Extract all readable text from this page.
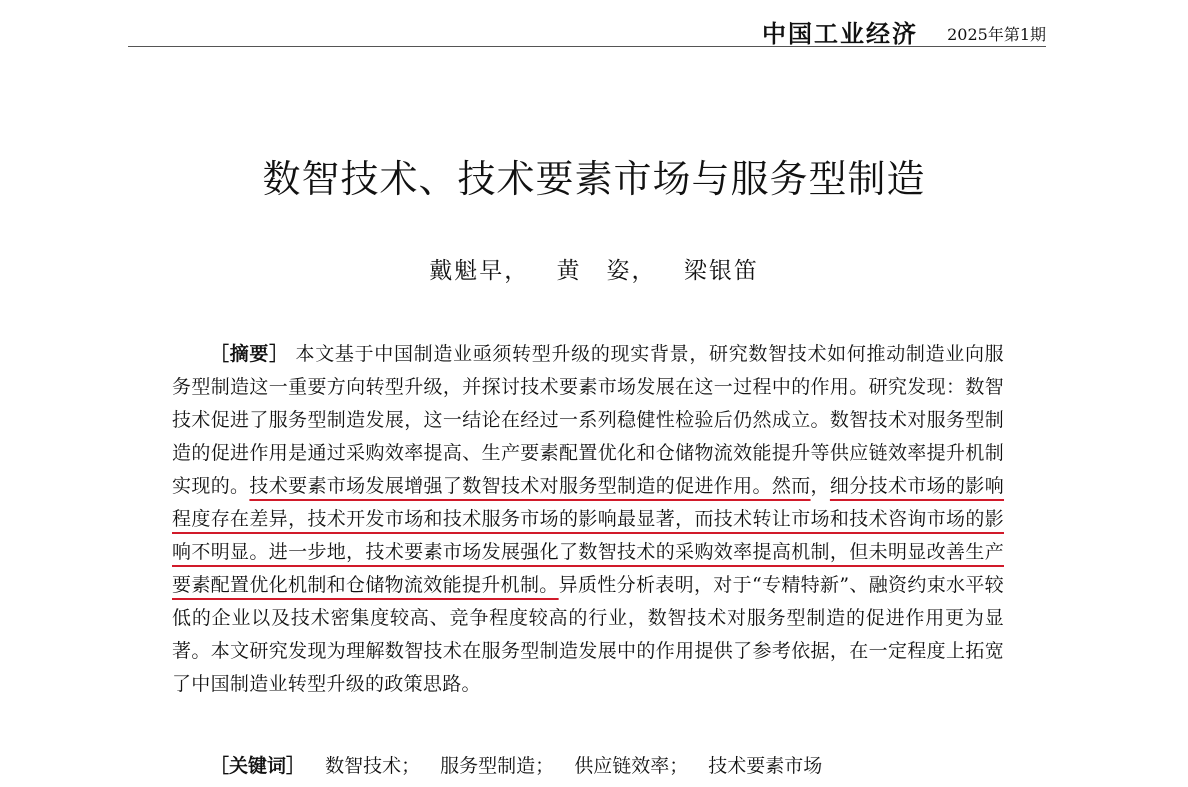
中国工业经济 2025年第1期
数智技术、技术要素市场与服务型制造
戴魁早， 黄　姿， 梁银笛
［摘要］ 本文基于中国制造业亟须转型升级的现实背景，研究数智技术如何推动制造业向服务型制造这一重要方向转型升级，并探讨技术要素市场发展在这一过程中的作用。研究发现：数智技术促进了服务型制造发展，这一结论在经过一系列稳健性检验后仍然成立。数智技术对服务型制造的促进作用是通过采购效率提高、生产要素配置优化和仓储物流效能提升等供应链效率提升机制实现的。技术要素市场发展增强了数智技术对服务型制造的促进作用。然而，细分技术市场的影响程度存在差异，技术开发市场和技术服务市场的影响最显著，而技术转让市场和技术咨询市场的影响不明显。进一步地，技术要素市场发展强化了数智技术的采购效率提高机制，但未明显改善生产要素配置优化机制和仓储物流效能提升机制。异质性分析表明，对于“专精特新”、融资约束水平较低的企业以及技术密集度较高、竞争程度较高的行业，数智技术对服务型制造的促进作用更为显著。本文研究发现为理解数智技术在服务型制造发展中的作用提供了参考依据，在一定程度上拓宽了中国制造业转型升级的政策思路。
［关键词］ 数智技术； 服务型制造； 供应链效率； 技术要素市场
